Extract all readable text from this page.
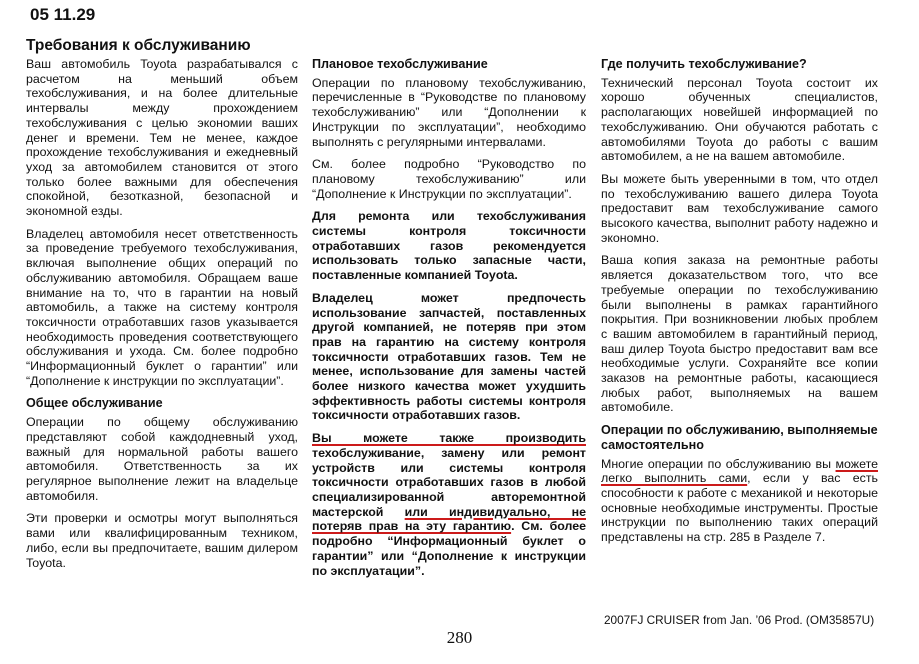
05 11.29
Требования к обслуживанию

Ваш автомобиль Toyota разрабатывался с расчетом на меньший объем техобслуживания, и на более длительные интервалы между прохождением техобслуживания с целью экономии ваших денег и времени. Тем не менее, каждое прохождение техобслуживания и ежедневный уход за автомобилем становится от этого только более важными для обеспечения спокойной, безотказной, безопасной и экономной езды.

Владелец автомобиля несет ответственность за проведение требуемого техобслуживания, включая выполнение общих операций по обслуживанию автомобиля. Обращаем ваше внимание на то, что в гарантии на новый автомобиль, а также на систему контроля токсичности отработавших газов указывается необходимость проведения соответствующего обслуживания и ухода. См. более подробно “Информационный буклет о гарантии” или “Дополнение к инструкции по эксплуатации”.

Общее обслуживание

Операции по общему обслуживанию представляют собой каждодневный уход, важный для нормальной работы вашего автомобиля. Ответственность за их регулярное выполнение лежит на владельце автомобиля.

Эти проверки и осмотры могут выполняться вами или квалифицированным техником, либо, если вы предпочитаете, вашим дилером Toyota.

Плановое техобслуживание

Операции по плановому техобслуживанию, перечисленные в “Руководстве по плановому техобслуживанию” или “Дополнении к Инструкции по эксплуатации”, необходимо выполнять с регулярными интервалами.

См. более подробно “Руководство по плановому техобслуживанию” или “Дополнение к Инструкции по эксплуатации”.

Для ремонта или техобслуживания системы контроля токсичности отработавших газов рекомендуется использовать только запасные части, поставленные компанией Toyota.

Владелец может предпочесть использование запчастей, поставленных другой компанией, не потеряв при этом прав на гарантию на систему контроля токсичности отработавших газов. Тем не менее, использование для замены частей более низкого качества может ухудшить эффективность работы системы контроля токсичности отработавших газов.

Вы можете также производить техобслуживание, замену или ремонт устройств или системы контроля токсичности отработавших газов в любой специализированной авторемонтной мастерской или индивидуально, не потеряв прав на эту гарантию. См. более подробно “Информационный буклет о гарантии” или “Дополнение к инструкции по эксплуатации”.

Где получить техобслуживание?

Технический персонал Toyota состоит их хорошо обученных специалистов, располагающих новейшей информацией по техобслуживанию. Они обучаются работать с автомобилями Toyota до работы с вашим автомобилем, а не на вашем автомобиле.

Вы можете быть уверенными в том, что отдел по техобслуживанию вашего дилера Toyota предоставит вам техобслуживание самого высокого качества, выполнит работу надежно и экономно.

Ваша копия заказа на ремонтные работы является доказательством того, что все требуемые операции по техобслуживанию были выполнены в рамках гарантийного покрытия. При возникновении любых проблем с вашим автомобилем в гарантийный период, ваш дилер Toyota быстро предоставит вам все необходимые услуги. Сохраняйте все копии заказов на ремонтные работы, касающиеся любых работ, выполняемых на вашем автомобиле.

Операции по обслуживанию, выполняемые самостоятельно

Многие операции по обслуживанию вы можете легко выполнить сами, если у вас есть способности к работе с механикой и некоторые основные необходимые инструменты. Простые инструкции по выполнению таких операций представлены на стр. 285 в Разделе 7.

2007FJ CRUISER from Jan. ’06 Prod. (OM35857U)

280
